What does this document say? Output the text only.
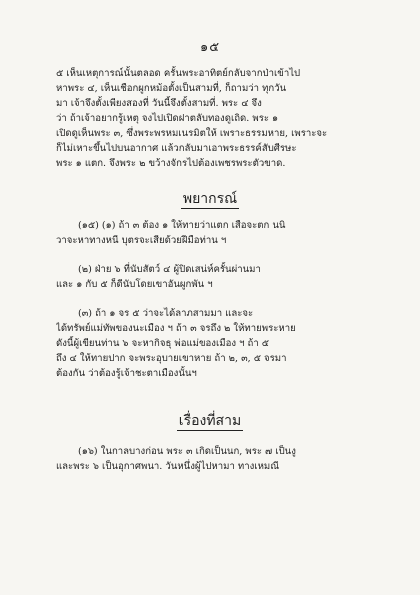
๑๕
๕ เห็นเหตุการณ์นั้นตลอด ครั้นพระอาทิตย์กลับจากป่าเข้าไป
หาพระ ๔, เห็นเชือกผูกหม้อตั้งเป็นสามที่, ก็ถามว่า ทุกวัน
มา เจ้าจึงตั้งเพียงสองที่ วันนี้จึงตั้งสามที่. พระ ๔ จึง
ว่า ถ้าเจ้าอยากรู้เหตุ จงไปเปิดฝาตลับทองดูเถิด. พระ ๑
เปิดดูเห็นพระ ๓, ซึ่งพระพรหมเนรมิตให้ เพราะธรรมหาย, เพราะจะ
ก็ไม่เหาะขึ้นไปบนอากาศ แล้วกลับมาเอาพระธรรค์สับศีรษะ
พระ ๑ แตก. จึงพระ ๒ ขว้างจักรไปต้องเพชรพระตัวขาด.
พยากรณ์
(๑๕) (๑) ถ้า ๓ ต้อง ๑ ให้ทายว่าแตก เสือจะตก นนิ
วาจะหาทางหนี บุตรจะเสียด้วยฝีมือท่าน ฯ
(๒) ฝ่าย ๖ ที่นับสัตว์ ๔ ผู้ปิดเสน่ห์ครั้นผ่านมา
และ ๑ กับ ๕ ก็ดีนับโดยเขาอันผูกพัน ฯ
(๓) ถ้า ๑ จร ๕ ว่าจะได้ลาภสามมา และจะ
ได้ทรัพย์แม่ทัพของนะเมือง ฯ ถ้า ๓ จรถึง ๒ ให้ทายพระหาย
ดังนี้ผู้เขียนท่าน ๖ จะหากิจธุ พ่อแม่ของเมือง ฯ ถ้า ๕
ถึง ๔ ให้ทายปาก จะพระอุบายเขาหาย ถ้า ๒, ๓, ๕ จรมา
ต้องกัน ว่าต้องรู้เจ้าชะตาเมืองนั้นฯ
เรื่องที่สาม
(๑๖) ในกาลบางก่อน พระ ๓ เกิดเป็นนก, พระ ๗ เป็นงู
และพระ ๖ เป็นอุกาศพนา. วันหนึ่งผู้ไปหามา ทางเหมณี
